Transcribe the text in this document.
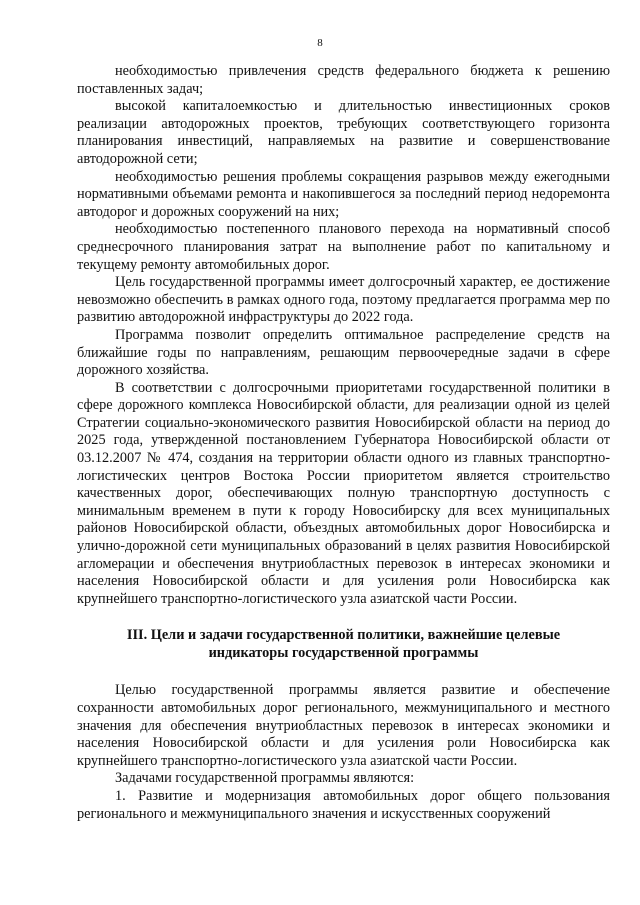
8

необходимостью привлечения средств федерального бюджета к решению поставленных задач;

высокой капиталоемкостью и длительностью инвестиционных сроков реализации автодорожных проектов, требующих соответствующего горизонта планирования инвестиций, направляемых на развитие и совершенствование автодорожной сети;

необходимостью решения проблемы сокращения разрывов между ежегодными нормативными объемами ремонта и накопившегося за последний период недоремонта автодорог и дорожных сооружений на них;

необходимостью постепенного планового перехода на нормативный способ среднесрочного планирования затрат на выполнение работ по капитальному и текущему ремонту автомобильных дорог.

Цель государственной программы имеет долгосрочный характер, ее достижение невозможно обеспечить в рамках одного года, поэтому предлагается программа мер по развитию автодорожной инфраструктуры до 2022 года.

Программа позволит определить оптимальное распределение средств на ближайшие годы по направлениям, решающим первоочередные задачи в сфере дорожного хозяйства.

В соответствии с долгосрочными приоритетами государственной политики в сфере дорожного комплекса Новосибирской области, для реализации одной из целей Стратегии социально-экономического развития Новосибирской области на период до 2025 года, утвержденной постановлением Губернатора Новосибирской области от 03.12.2007 № 474, создания на территории области одного из главных транспортно-логистических центров Востока России приоритетом является строительство качественных дорог, обеспечивающих полную транспортную доступность с минимальным временем в пути к городу Новосибирску для всех муниципальных районов Новосибирской области, объездных автомобильных дорог Новосибирска и улично-дорожной сети муниципальных образований в целях развития Новосибирской агломерации и обеспечения внутриобластных перевозок в интересах экономики и населения Новосибирской области и для усиления роли Новосибирска как крупнейшего транспортно-логистического узла азиатской части России.

III. Цели и задачи государственной политики, важнейшие целевые
индикаторы государственной программы

Целью государственной программы является развитие и обеспечение сохранности автомобильных дорог регионального, межмуниципального и местного значения для обеспечения внутриобластных перевозок в интересах экономики и населения Новосибирской области и для усиления роли Новосибирска как крупнейшего транспортно-логистического узла азиатской части России.

Задачами государственной программы являются:

1. Развитие и модернизация автомобильных дорог общего пользования регионального и межмуниципального значения и искусственных сооружений
